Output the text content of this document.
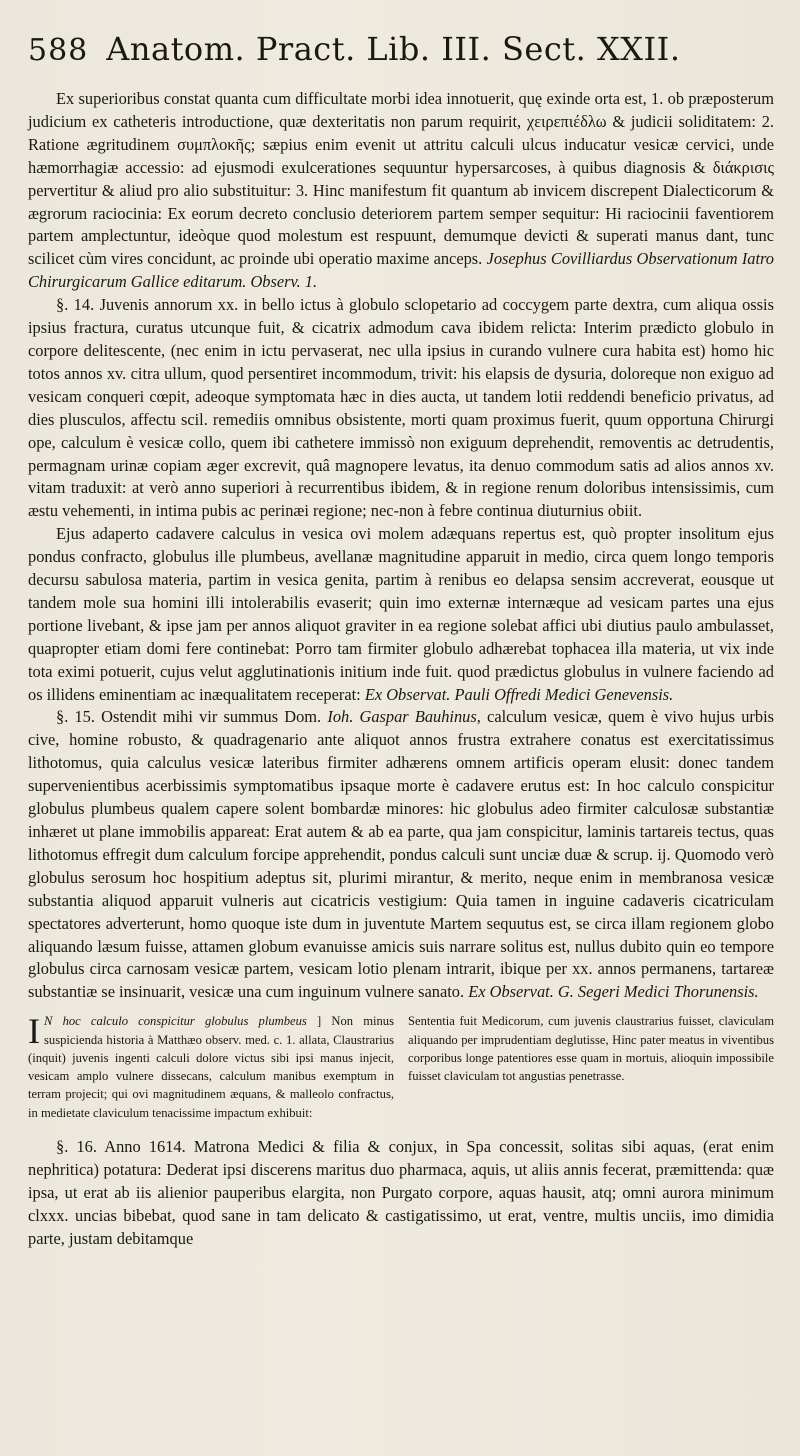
588 Anatom. Pract. Lib. III. Sect. XXII.

Ex superioribus constat quanta cum difficultate morbi idea innotuerit, quę exinde orta est, 1. ob præposterum judicium ex catheteris introductione, quæ dexteritatis non parum requirit, χειρεπιέδλω & judicii soliditatem: 2. Ratione ægritudinem συμπλοκῆς; sæpius enim evenit ut attritu calculi ulcus inducatur vesicæ cervici, unde hæmorrhagiæ accessio: ad ejusmodi exulcerationes sequuntur hypersarcoses, à quibus diagnosis & διάκρισις pervertitur & aliud pro alio substituitur: 3. Hinc manifestum fit quantum ab invicem discrepent Dialecticorum & ægrorum raciocinia: Ex eorum decreto conclusio deteriorem partem semper sequitur: Hi raciocinii faventiorem partem amplectuntur, ideòque quod molestum est respuunt, demumque devicti & superati manus dant, tunc scilicet cùm vires concidunt, ac proinde ubi operatio maxime anceps. Josephus Covilliardus Observationum Iatro Chirurgicarum Gallice editarum. Observ. 1.

§. 14. Juvenis annorum xx. in bello ictus à globulo sclopetario ad coccygem parte dextra, cum aliqua ossis ipsius fractura, curatus utcunque fuit, & cicatrix admodum cava ibidem relicta: Interim prædicto globulo in corpore delitescente, (nec enim in ictu pervaserat, nec ulla ipsius in curando vulnere cura habita est) homo hic totos annos xv. citra ullum, quod persentiret incommodum, trivit: his elapsis de dysuria, doloreque non exiguo ad vesicam conqueri cœpit, adeoque symptomata hæc in dies aucta, ut tandem lotii reddendi beneficio privatus, ad dies plusculos, affectu scil. remediis omnibus obsistente, morti quam proximus fuerit, quum opportuna Chirurgi ope, calculum è vesicæ collo, quem ibi cathetere immissò non exiguum deprehendit, removentis ac detrudentis, permagnam urinæ copiam æger excrevit, quâ magnopere levatus, ita denuo commodum satis ad alios annos xv. vitam traduxit: at verò anno superiori à recurrentibus ibidem, & in regione renum doloribus intensissimis, cum æstu vehementi, in intima pubis ac perinæi regione; nec-non à febre continua diuturnius obiit.

Ejus adaperto cadavere calculus in vesica ovi molem adæquans repertus est, quò propter insolitum ejus pondus confracto, globulus ille plumbeus, avellanæ magnitudine apparuit in medio, circa quem longo temporis decursu sabulosa materia, partim in vesica genita, partim à renibus eo delapsa sensim accreverat, eousque ut tandem mole sua homini illi intolerabilis evaserit; quin imo externæ internæque ad vesicam partes una ejus portione livebant, & ipse jam per annos aliquot graviter in ea regione solebat affici ubi diutius paulo ambulasset, quapropter etiam domi fere continebat: Porro tam firmiter globulo adhærebat tophacea illa materia, ut vix inde tota eximi potuerit, cujus velut agglutinationis initium inde fuit. quod prædictus globulus in vulnere faciendo ad os illidens eminentiam ac inæqualitatem receperat: Ex Observat. Pauli Offredi Medici Genevensis.

§. 15. Ostendit mihi vir summus Dom. Ioh. Gaspar Bauhinus, calculum vesicæ, quem è vivo hujus urbis cive, homine robusto, & quadragenario ante aliquot annos frustra extrahere conatus est exercitatissimus lithotomus, quia calculus vesicæ lateribus firmiter adhærens omnem artificis operam elusit: donec tandem supervenientibus acerbissimis symptomatibus ipsaque morte è cadavere erutus est: In hoc calculo conspicitur globulus plumbeus qualem capere solent bombardæ minores: hic globulus adeo firmiter calculosæ substantiæ inhæret ut plane immobilis appareat: Erat autem & ab ea parte, qua jam conspicitur, laminis tartareis tectus, quas lithotomus effregit dum calculum forcipe apprehendit, pondus calculi sunt unciæ duæ & scrup. ij. Quomodo verò globulus serosum hoc hospitium adeptus sit, plurimi mirantur, & merito, neque enim in membranosa vesicæ substantia aliquod apparuit vulneris aut cicatricis vestigium: Quia tamen in inguine cadaveris cicatriculam spectatores adverterunt, homo quoque iste dum in juventute Martem sequutus est, se circa illam regionem globo aliquando læsum fuisse, attamen globum evanuisse amicis suis narrare solitus est, nullus dubito quin eo tempore globulus circa carnosam vesicæ partem, vesicam lotio plenam intrarit, ibique per xx. annos permanens, tartareæ substantiæ se insinuarit, vesicæ una cum inguinum vulnere sanato. Ex Observat. G. Segeri Medici Thorunensis.

I N hoc calculo conspicitur globulus plumbeus ] Non minus suspicienda historia à Matthæo observ. med. c. 1. allata, Claustrarius (inquit) juvenis ingenti calculi dolore victus sibi ipsi manus injecit, vesicam amplo vulnere dissecans, calculum manibus exemptum in terram projecit; qui ovi magnitudinem æquans, & malleolo confractus, in medietate claviculum tenacissime impactum exhibuit:

Sententia fuit Medicorum, cum juvenis claustrarius fuisset, claviculam aliquando per imprudentiam deglutisse, Hinc pater meatus in viventibus corporibus longe patentiores esse quam in mortuis, alioquin impossibile fuisset claviculam tot angustias penetrasse.

§. 16. Anno 1614. Matrona Medici & filia & conjux, in Spa concessit, solitas sibi aquas, (erat enim nephritica) potatura: Dederat ipsi discerens maritus duo pharmaca, aquis, ut aliis annis fecerat, præmittenda: quæ ipsa, ut erat ab iis alienior pauperibus elargita, non Purgato corpore, aquas hausit, atq; omni aurora minimum clxxx. uncias bibebat, quod sane in tam delicato & castigatissimo, ut erat, ventre, multis unciis, imo dimidia parte, justam debitamque
